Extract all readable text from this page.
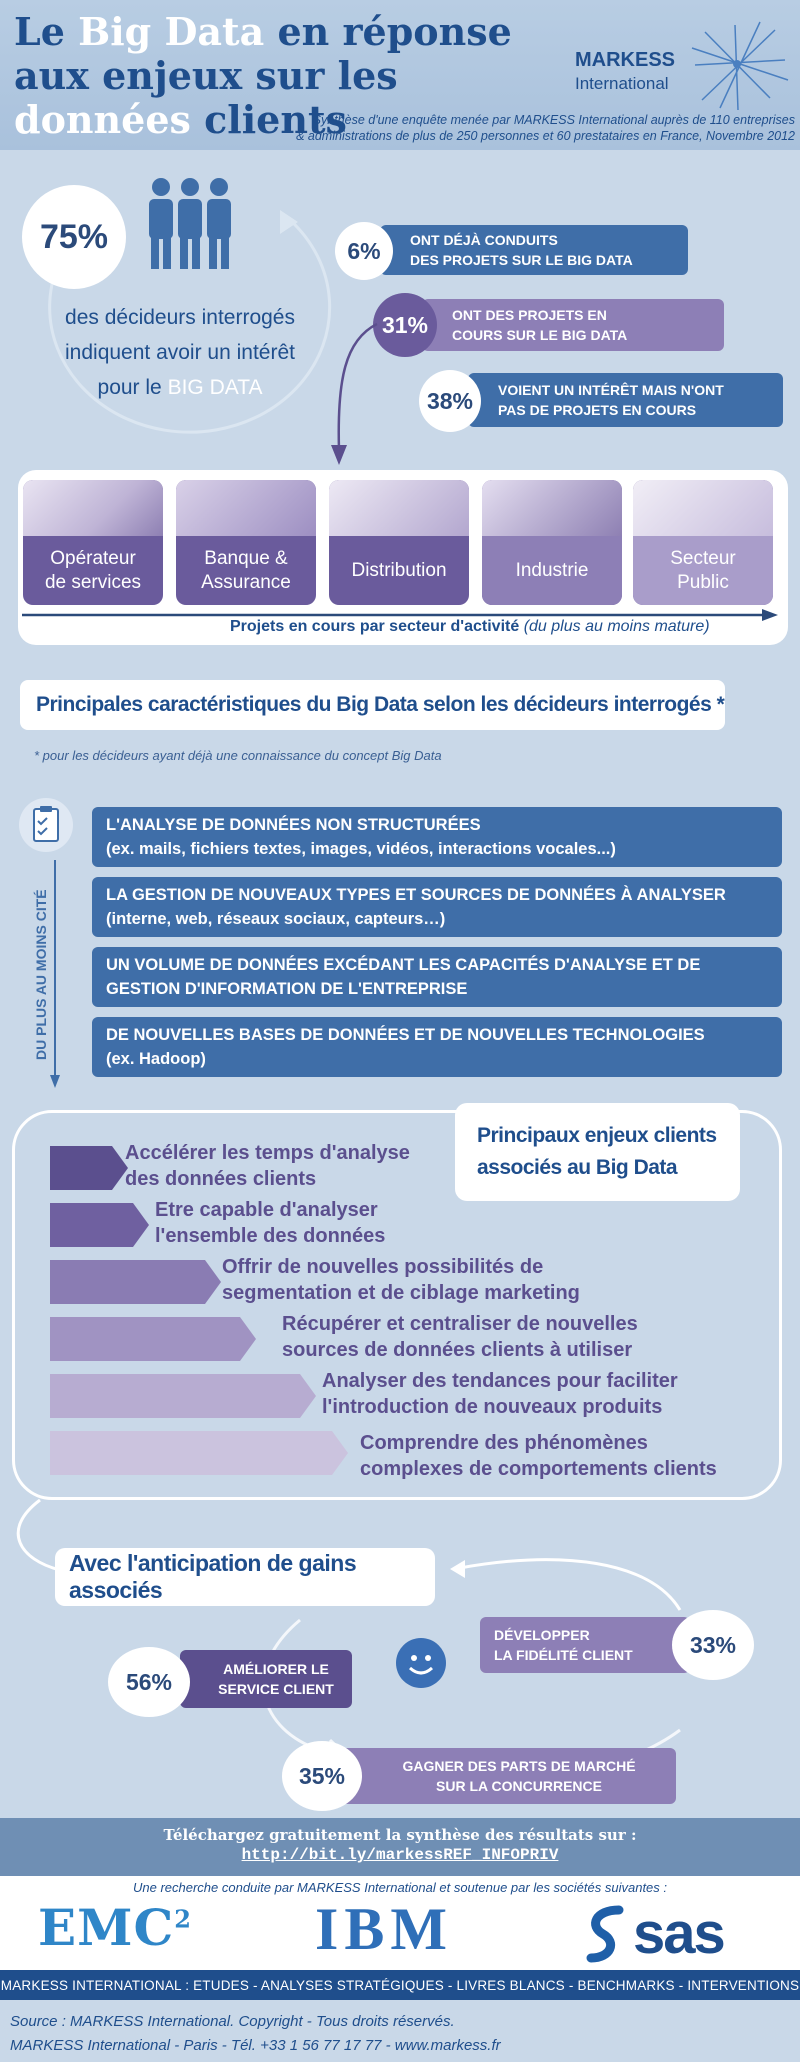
Le Big Data en réponse aux enjeux sur les données clients
MARKESS
International
Synthèse d'une enquête menée par MARKESS International auprès de 110 entreprises
& administrations de plus de 250 personnes et 60 prestataires en France, Novembre 2012
75%
des décideurs interrogés indiquent avoir un intérêt pour le BIG DATA
ONT DÉJÀ CONDUITS
DES PROJETS SUR LE BIG DATA
6%
ONT DES PROJETS EN
COURS SUR LE BIG DATA
31%
VOIENT UN INTÉRÊT MAIS N'ONT
PAS DE PROJETS EN COURS
38%
Opérateur
de services
Banque &
Assurance
Distribution	Industrie
Secteur
Public
Projets en cours par secteur d'activité (du plus au moins mature)
Principales caractéristiques du Big Data selon les décideurs interrogés *
* pour les décideurs ayant déjà une connaissance du concept Big Data
DU PLUS AU MOINS CITÉ
L'ANALYSE DE DONNÉES NON STRUCTURÉES
(ex. mails, fichiers textes, images, vidéos, interactions vocales...)
LA GESTION DE NOUVEAUX TYPES ET SOURCES DE DONNÉES À ANALYSER
(interne, web, réseaux sociaux, capteurs…)
UN VOLUME DE DONNÉES EXCÉDANT LES CAPACITÉS D'ANALYSE ET DE
GESTION D'INFORMATION DE L'ENTREPRISE
DE NOUVELLES BASES DE DONNÉES ET DE NOUVELLES TECHNOLOGIES
(ex. Hadoop)
Principaux enjeux clients associés au Big Data
Accélérer les temps d'analyse
des données clients
Etre capable d'analyser
l'ensemble des données
Offrir de nouvelles possibilités de
segmentation et de ciblage marketing
Récupérer et centraliser de nouvelles
sources de données clients à utiliser
Analyser des tendances pour faciliter
l'introduction de nouveaux produits
Comprendre des phénomènes
complexes de comportements clients
Avec l'anticipation de gains associés
AMÉLIORER LE
SERVICE CLIENT
56%
DÉVELOPPER
LA FIDÉLITÉ CLIENT	33%
GAGNER DES PARTS DE MARCHÉ
SUR LA CONCURRENCE
35%
Téléchargez gratuitement la synthèse des résultats sur :
http://bit.ly/markessREF_INFOPRIV
Une recherche conduite par MARKESS International et soutenue par les sociétés suivantes :
EMC$^2$ IBM	sas
MARKESS INTERNATIONAL : ETUDES - ANALYSES STRATÉGIQUES - LIVRES BLANCS - BENCHMARKS - INTERVENTIONS
Source : MARKESS International. Copyright - Tous droits réservés.
MARKESS International - Paris - Tél. +33 1 56 77 17 77 - www.markess.fr
